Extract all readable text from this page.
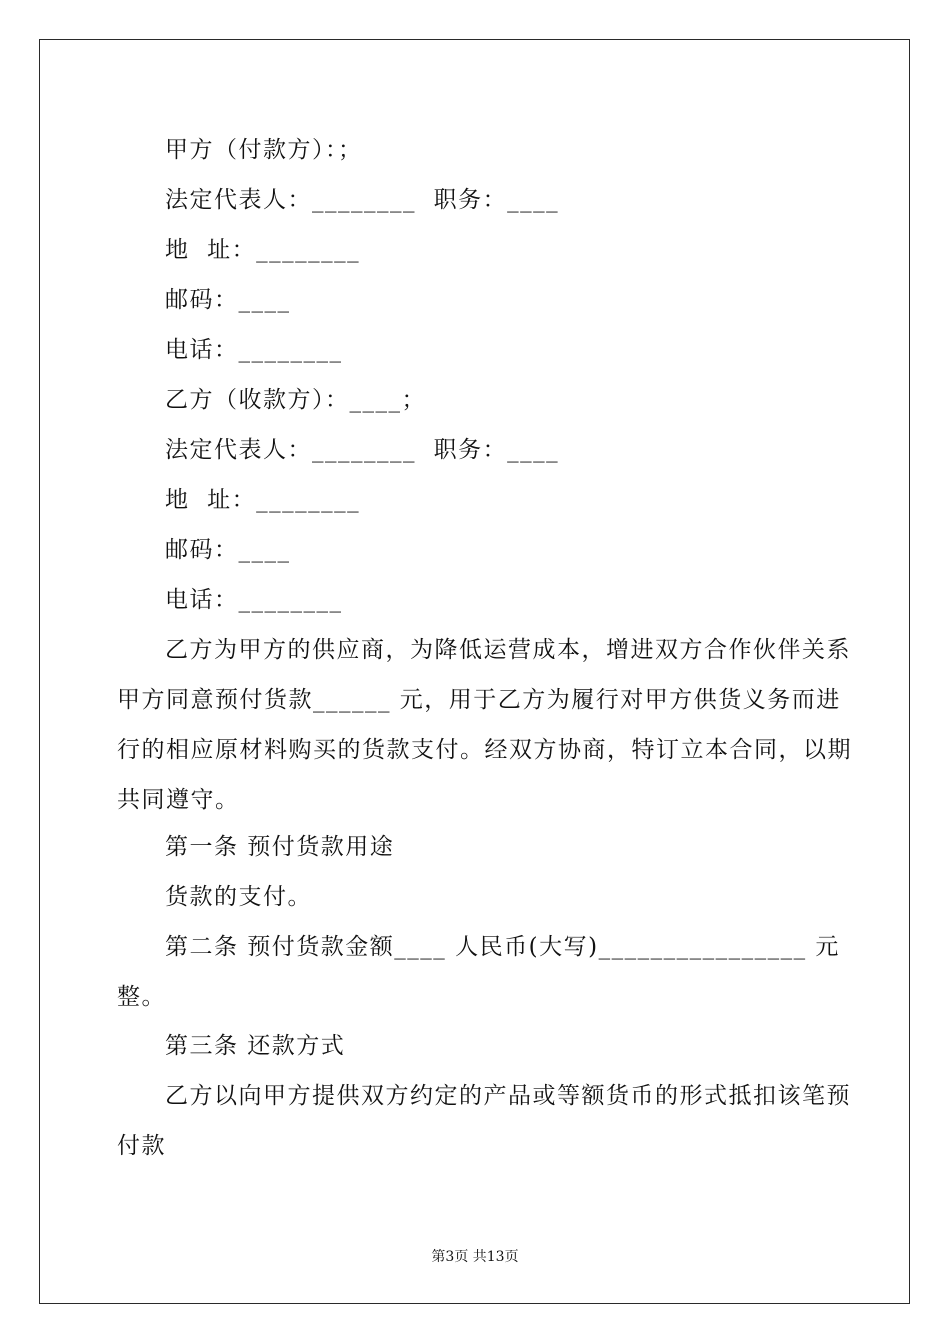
甲方（付款方）：；
法定代表人：________  职务：____
地  址：________
邮码：____
电话：________
乙方（收款方）：____；
法定代表人：________  职务：____
地  址：________
邮码：____
电话：________
乙方为甲方的供应商，为降低运营成本，增进双方合作伙伴关系
甲方同意预付货款______ 元，用于乙方为履行对甲方供货义务而进
行的相应原材料购买的货款支付。经双方协商，特订立本合同，以期
共同遵守。
第一条 预付货款用途
货款的支付。
第二条 预付货款金额____ 人民币(大写)________________ 元
整。
第三条 还款方式
乙方以向甲方提供双方约定的产品或等额货币的形式抵扣该笔预
付款
第3页 共13页
